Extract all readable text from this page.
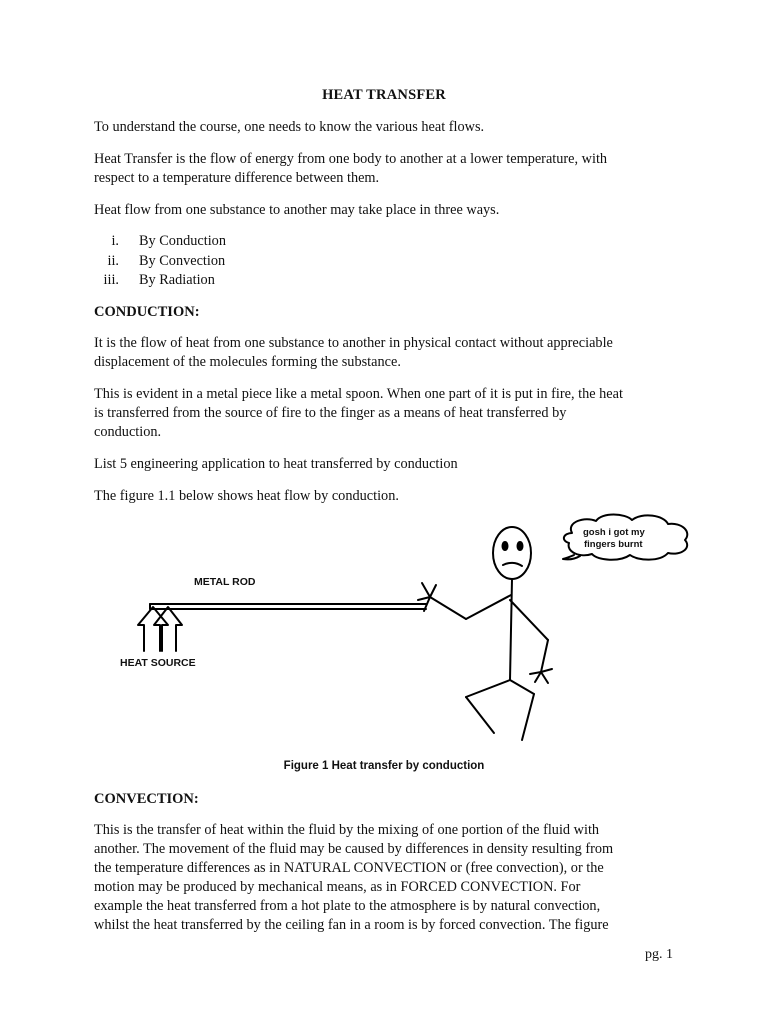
HEAT TRANSFER

To understand the course, one needs to know the various heat flows.

Heat Transfer is the flow of energy from one body to another at a lower temperature, with
respect to a temperature difference between them.

Heat flow from one substance to another may take place in three ways.

i. By Conduction
ii. By Convection
iii. By Radiation

CONDUCTION:

It is the flow of heat from one substance to another in physical contact without appreciable
displacement of the molecules forming the substance.

This is evident in a metal piece like a metal spoon. When one part of it is put in fire, the heat
is transferred from the source of fire to the finger as a means of heat transferred by
conduction.

List 5 engineering application to heat transferred by conduction

The figure 1.1 below shows heat flow by conduction.

METAL ROD
HEAT SOURCE
gosh i got my
fingers burnt
Figure 1 Heat transfer by conduction

CONVECTION:

This is the transfer of heat within the fluid by the mixing of one portion of the fluid with
another. The movement of the fluid may be caused by differences in density resulting from
the temperature differences as in NATURAL CONVECTION or (free convection), or the
motion may be produced by mechanical means, as in FORCED CONVECTION. For
example the heat transferred from a hot plate to the atmosphere is by natural convection,
whilst the heat transferred by the ceiling fan in a room is by forced convection. The figure

pg. 1
